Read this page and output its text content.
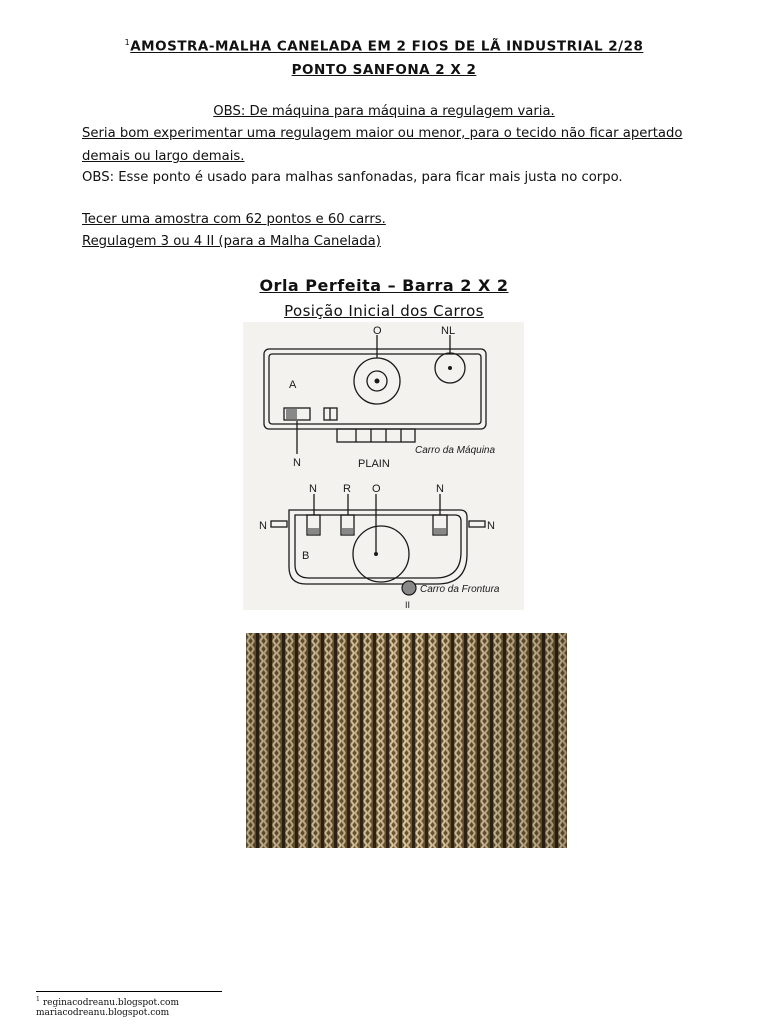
$^1$AMOSTRA-MALHA CANELADA EM 2 FIOS DE LÃ INDUSTRIAL 2/28
PONTO SANFONA 2 X 2
OBS: De máquina para máquina a regulagem varia.
Seria bom experimentar uma regulagem maior ou menor, para o tecido não ficar apertado
demais ou largo demais.
OBS: Esse ponto é usado para malhas sanfonadas, para ficar mais justa no corpo.
Tecer uma amostra com 62 pontos e 60 carrs.
Regulagem 3 ou 4 II (para a Malha Canelada)
Orla Perfeita – Barra 2 X 2
Posição Inicial dos Carros
O	NL
A
N	PLAIN
Carro da Máquina
N R O	N
N	N
B
Carro da Frontura
II
$^1$ reginacodreanu.blogspot.com
mariacodreanu.blogspot.com
